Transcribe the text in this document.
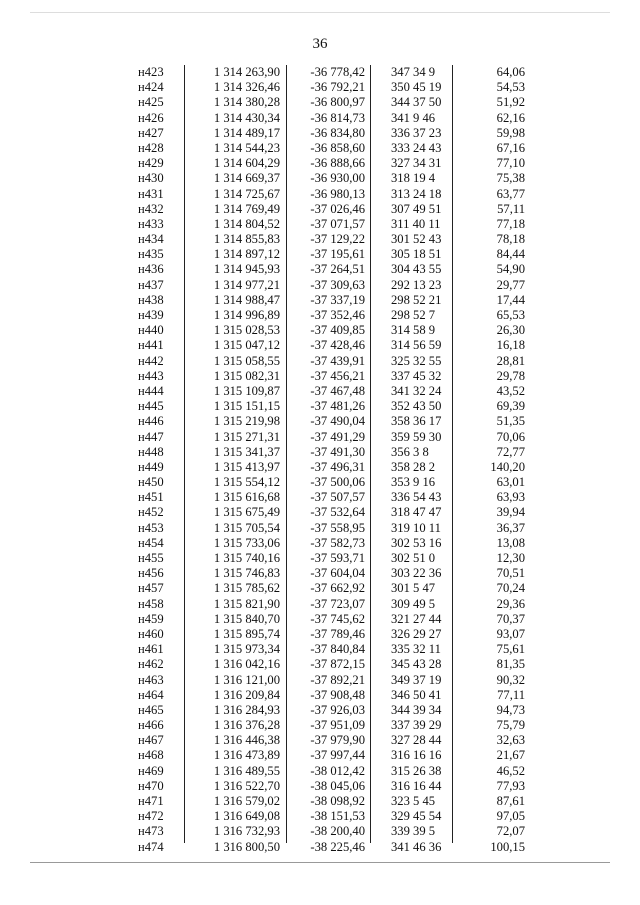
36
н423	1 314 263,90 -36 778,42 347 34 9	64,06
н424	1 314 326,46 -36 792,21 350 45 19	54,53
н425	1 314 380,28 -36 800,97 344 37 50	51,92
н426	1 314 430,34 -36 814,73 341 9 46	62,16
н427	1 314 489,17 -36 834,80 336 37 23	59,98
н428	1 314 544,23 -36 858,60 333 24 43	67,16
н429	1 314 604,29 -36 888,66 327 34 31	77,10
н430	1 314 669,37 -36 930,00 318 19 4	75,38
н431	1 314 725,67 -36 980,13 313 24 18	63,77
н432	1 314 769,49 -37 026,46 307 49 51	57,11
н433	1 314 804,52 -37 071,57 311 40 11	77,18
н434	1 314 855,83 -37 129,22 301 52 43	78,18
н435	1 314 897,12 -37 195,61 305 18 51	84,44
н436	1 314 945,93 -37 264,51 304 43 55	54,90
н437	1 314 977,21 -37 309,63 292 13 23	29,77
н438	1 314 988,47 -37 337,19 298 52 21	17,44
н439	1 314 996,89 -37 352,46 298 52 7	65,53
н440	1 315 028,53 -37 409,85 314 58 9	26,30
н441	1 315 047,12 -37 428,46 314 56 59	16,18
н442	1 315 058,55 -37 439,91 325 32 55	28,81
н443	1 315 082,31 -37 456,21 337 45 32	29,78
н444	1 315 109,87 -37 467,48 341 32 24	43,52
н445	1 315 151,15 -37 481,26 352 43 50	69,39
н446	1 315 219,98 -37 490,04 358 36 17	51,35
н447	1 315 271,31 -37 491,29 359 59 30	70,06
н448	1 315 341,37 -37 491,30 356 3 8	72,77
н449	1 315 413,97 -37 496,31 358 28 2	140,20
н450	1 315 554,12 -37 500,06 353 9 16	63,01
н451	1 315 616,68 -37 507,57 336 54 43	63,93
н452	1 315 675,49 -37 532,64 318 47 47	39,94
н453	1 315 705,54 -37 558,95 319 10 11	36,37
н454	1 315 733,06 -37 582,73 302 53 16	13,08
н455	1 315 740,16 -37 593,71 302 51 0	12,30
н456	1 315 746,83 -37 604,04 303 22 36	70,51
н457	1 315 785,62 -37 662,92 301 5 47	70,24
н458	1 315 821,90 -37 723,07 309 49 5	29,36
н459	1 315 840,70 -37 745,62 321 27 44	70,37
н460	1 315 895,74 -37 789,46 326 29 27	93,07
н461	1 315 973,34 -37 840,84 335 32 11	75,61
н462	1 316 042,16 -37 872,15 345 43 28	81,35
н463	1 316 121,00 -37 892,21 349 37 19	90,32
н464	1 316 209,84 -37 908,48 346 50 41	77,11
н465	1 316 284,93 -37 926,03 344 39 34	94,73
н466	1 316 376,28 -37 951,09 337 39 29	75,79
н467	1 316 446,38 -37 979,90 327 28 44	32,63
н468	1 316 473,89 -37 997,44 316 16 16	21,67
н469	1 316 489,55 -38 012,42 315 26 38	46,52
н470	1 316 522,70 -38 045,06 316 16 44	77,93
н471	1 316 579,02 -38 098,92 323 5 45	87,61
н472	1 316 649,08 -38 151,53 329 45 54	97,05
н473	1 316 732,93 -38 200,40 339 39 5	72,07
н474	1 316 800,50 -38 225,46 341 46 36	100,15
